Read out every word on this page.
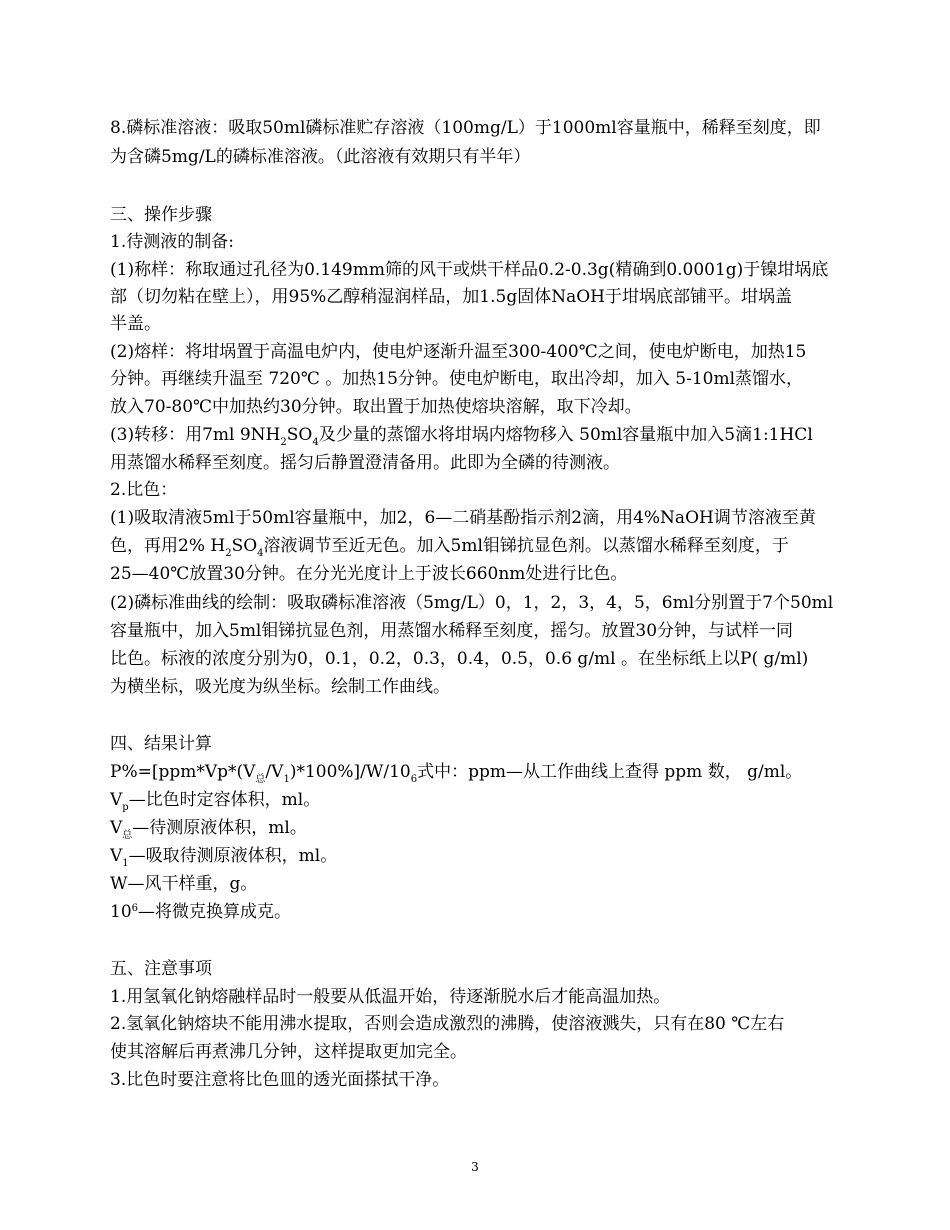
8.磷标准溶液：吸取50ml磷标准贮存溶液（100mg/L）于1000ml容量瓶中，稀释至刻度，即
为含磷5mg/L的磷标准溶液。（此溶液有效期只有半年）
三、操作步骤
1.待测液的制备:
(1)称样：称取通过孔径为0.149mm筛的风干或烘干样品0.2-0.3g(精确到0.0001g)于镍坩埚底
部（切勿粘在壁上），用95%乙醇稍湿润样品，加1.5g固体NaOH于坩埚底部铺平。坩埚盖
半盖。
(2)熔样：将坩埚置于高温电炉内，使电炉逐渐升温至300-400℃之间，使电炉断电，加热15
分钟。再继续升温至 720℃ 。加热15分钟。使电炉断电，取出冷却，加入 5-10ml蒸馏水，
放入70-80℃中加热约30分钟。取出置于加热使熔块溶解，取下冷却。
(3)转移：用7ml $9NH_2SO_4$及少量的蒸馏水将坩埚内熔物移入 50ml容量瓶中加入5滴1:1HCl
用蒸馏水稀释至刻度。摇匀后静置澄清备用。此即为全磷的待测液。
2.比色：
(1)吸取清液5ml于50ml容量瓶中，加2，6—二硝基酚指示剂2滴，用4%NaOH调节溶液至黄
色，再用2% $H_2SO_4$溶液调节至近无色。加入5ml钼锑抗显色剂。以蒸馏水稀释至刻度，于
25—40℃放置30分钟。在分光光度计上于波长660nm处进行比色。
(2)磷标准曲线的绘制：吸取磷标准溶液（5mg/L）0，1，2，3，4，5，6ml分别置于7个50ml
容量瓶中，加入5ml钼锑抗显色剂，用蒸馏水稀释至刻度，摇匀。放置30分钟，与试样一同
比色。标液的浓度分别为0，0.1，0.2，0.3，0.4，0.5，0.6 g/ml 。在坐标纸上以P( g/ml)
为横坐标，吸光度为纵坐标。绘制工作曲线。
四、结果计算
$P\%=[ppm*Vp*(V_总/V_1)*100\%]/W/10_6$式中：ppm—从工作曲线上查得 ppm 数， g/ml。
$V_p—$比色时定容体积，ml。
$V_总—$待测原液体积，ml。
$V_1—$吸取待测原液体积，ml。
W—风干样重，g。
$10^6—$将微克换算成克。
五、注意事项
1.用氢氧化钠熔融样品时一般要从低温开始，待逐渐脱水后才能高温加热。
2.氢氧化钠熔块不能用沸水提取，否则会造成激烈的沸腾，使溶液溅失，只有在80 ℃左右
使其溶解后再煮沸几分钟，这样提取更加完全。
3.比色时要注意将比色皿的透光面搽拭干净。
3
